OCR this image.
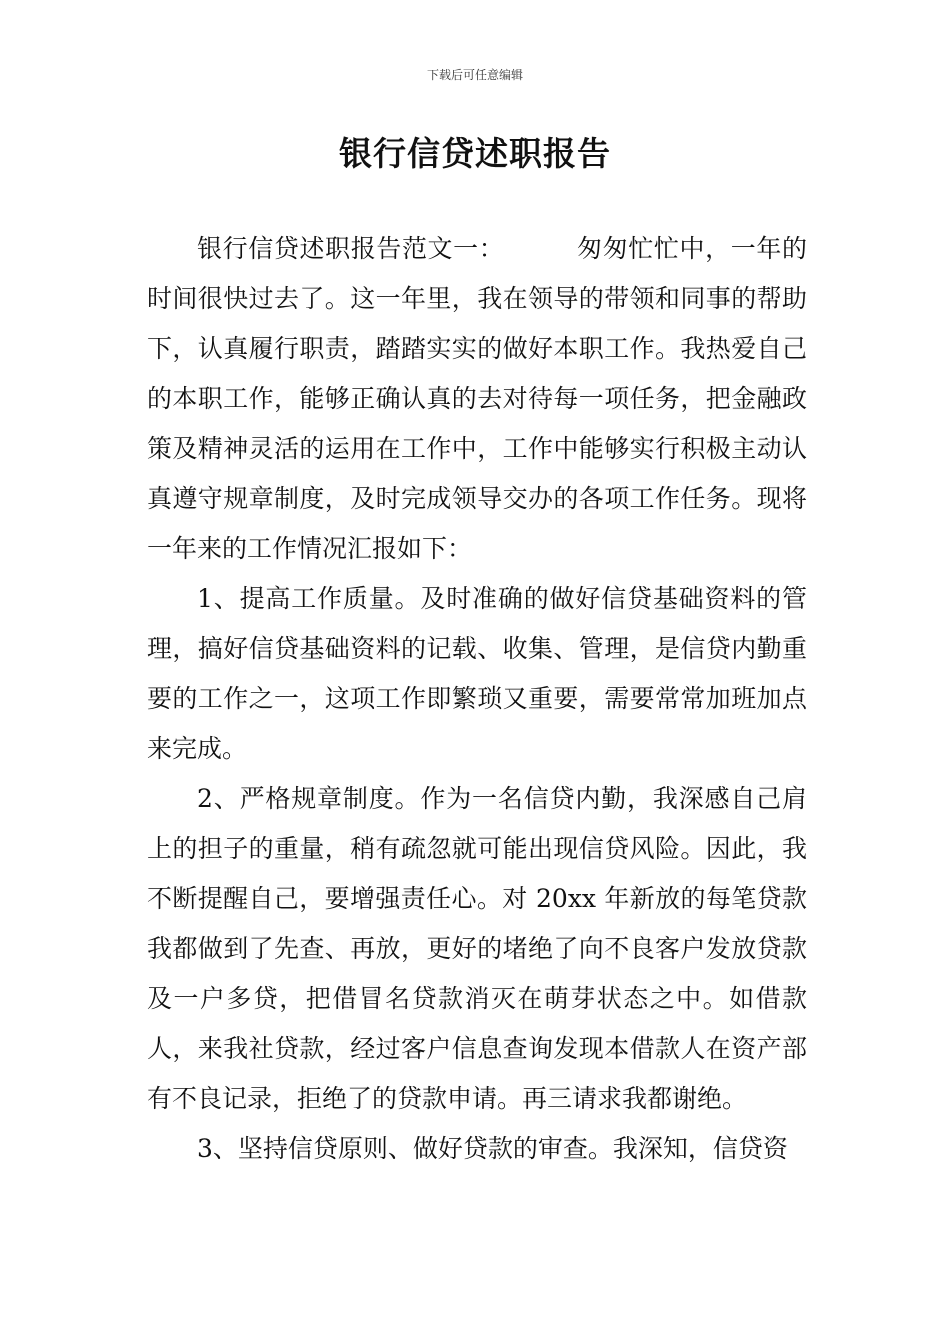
下载后可任意编辑
银行信贷述职报告

银行信贷述职报告范文一：	匆匆忙忙中，一年的时间很快过去了。这一年里，我在领导的带领和同事的帮助下，认真履行职责，踏踏实实的做好本职工作。我热爱自己的本职工作，能够正确认真的去对待每一项任务，把金融政策及精神灵活的运用在工作中，工作中能够实行积极主动认真遵守规章制度，及时完成领导交办的各项工作任务。现将一年来的工作情况汇报如下：

1、提高工作质量。及时准确的做好信贷基础资料的管理，搞好信贷基础资料的记载、收集、管理，是信贷内勤重要的工作之一，这项工作即繁琐又重要，需要常常加班加点来完成。

2、严格规章制度。作为一名信贷内勤，我深感自己肩上的担子的重量，稍有疏忽就可能出现信贷风险。因此，我不断提醒自己，要增强责任心。对 20xx 年新放的每笔贷款我都做到了先查、再放，更好的堵绝了向不良客户发放贷款及一户多贷，把借冒名贷款消灭在萌芽状态之中。如借款人，来我社贷款，经过客户信息查询发现本借款人在资产部有不良记录，拒绝了的贷款申请。再三请求我都谢绝。

3、坚持信贷原则、做好贷款的审查。我深知，信贷资
